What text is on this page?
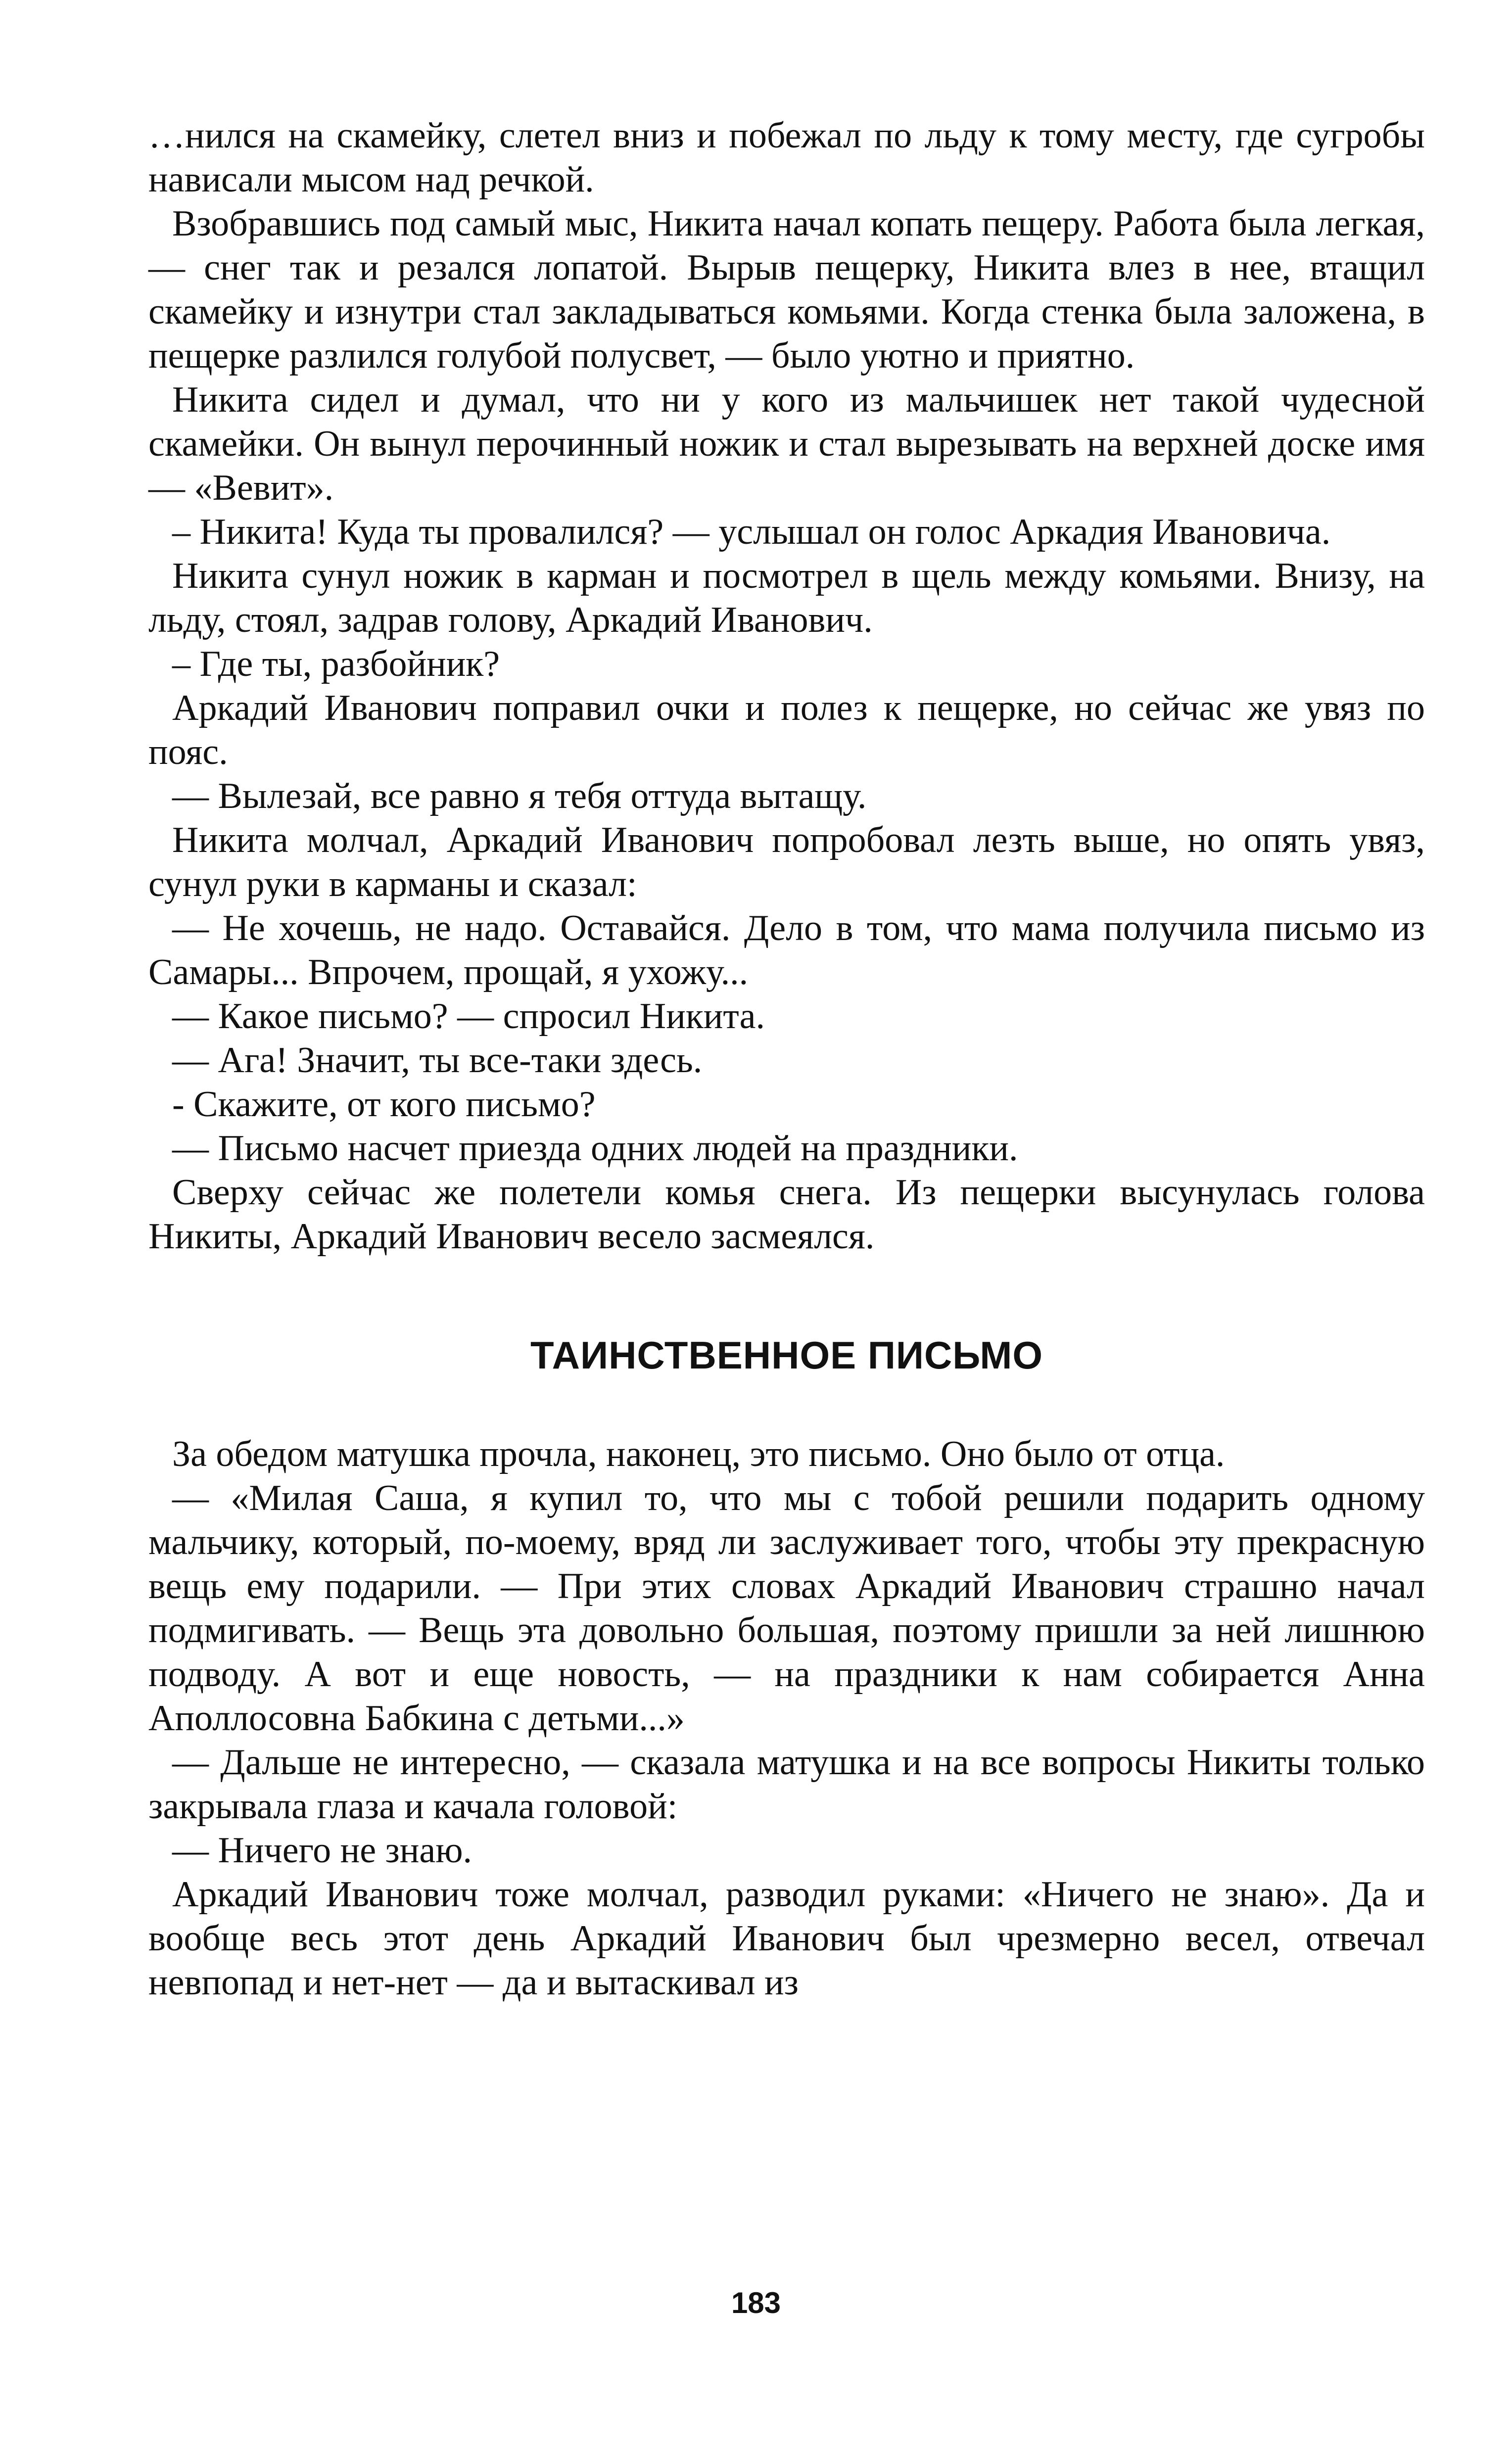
…нился на скамейку, слетел вниз и побежал по льду к тому месту, где сугробы нависали мысом над речкой.

Взобравшись под самый мыс, Никита начал копать пещеру. Работа была легкая, — снег так и резался лопатой. Вырыв пещерку, Никита влез в нее, втащил скамейку и изнутри стал закладываться комьями. Когда стенка была заложена, в пещерке разлился голубой полусвет, — было уютно и приятно.

Никита сидел и думал, что ни у кого из мальчишек нет такой чудесной скамейки. Он вынул перочинный ножик и стал вырезывать на верхней доске имя — «Вевит».

– Никита! Куда ты провалился? — услышал он голос Аркадия Ивановича.

Никита сунул ножик в карман и посмотрел в щель между комьями. Внизу, на льду, стоял, задрав голову, Аркадий Иванович.

– Где ты, разбойник?

Аркадий Иванович поправил очки и полез к пещерке, но сейчас же увяз по пояс.

— Вылезай, все равно я тебя оттуда вытащу.

Никита молчал, Аркадий Иванович попробовал лезть выше, но опять увяз, сунул руки в карманы и сказал:

— Не хочешь, не надо. Оставайся. Дело в том, что мама получила письмо из Самары... Впрочем, прощай, я ухожу...

— Какое письмо? — спросил Никита.

— Ага! Значит, ты все-таки здесь.

- Скажите, от кого письмо?

— Письмо насчет приезда одних людей на праздники.

Сверху сейчас же полетели комья снега. Из пещерки высунулась голова Никиты, Аркадий Иванович весело засмеялся.

ТАИНСТВЕННОЕ ПИСЬМО

За обедом матушка прочла, наконец, это письмо. Оно было от отца.

— «Милая Саша, я купил то, что мы с тобой решили подарить одному мальчику, который, по-моему, вряд ли заслуживает того, чтобы эту прекрасную вещь ему подарили. — При этих словах Аркадий Иванович страшно начал подмигивать. — Вещь эта довольно большая, поэтому пришли за ней лишнюю подводу. А вот и еще новость, — на праздники к нам собирается Анна Аполлосовна Бабкина с детьми...»

— Дальше не интересно, — сказала матушка и на все вопросы Никиты только закрывала глаза и качала головой:

— Ничего не знаю.

Аркадий Иванович тоже молчал, разводил руками: «Ничего не знаю». Да и вообще весь этот день Аркадий Иванович был чрезмерно весел, отвечал невпопад и нет-нет — да и вытаскивал из

183
